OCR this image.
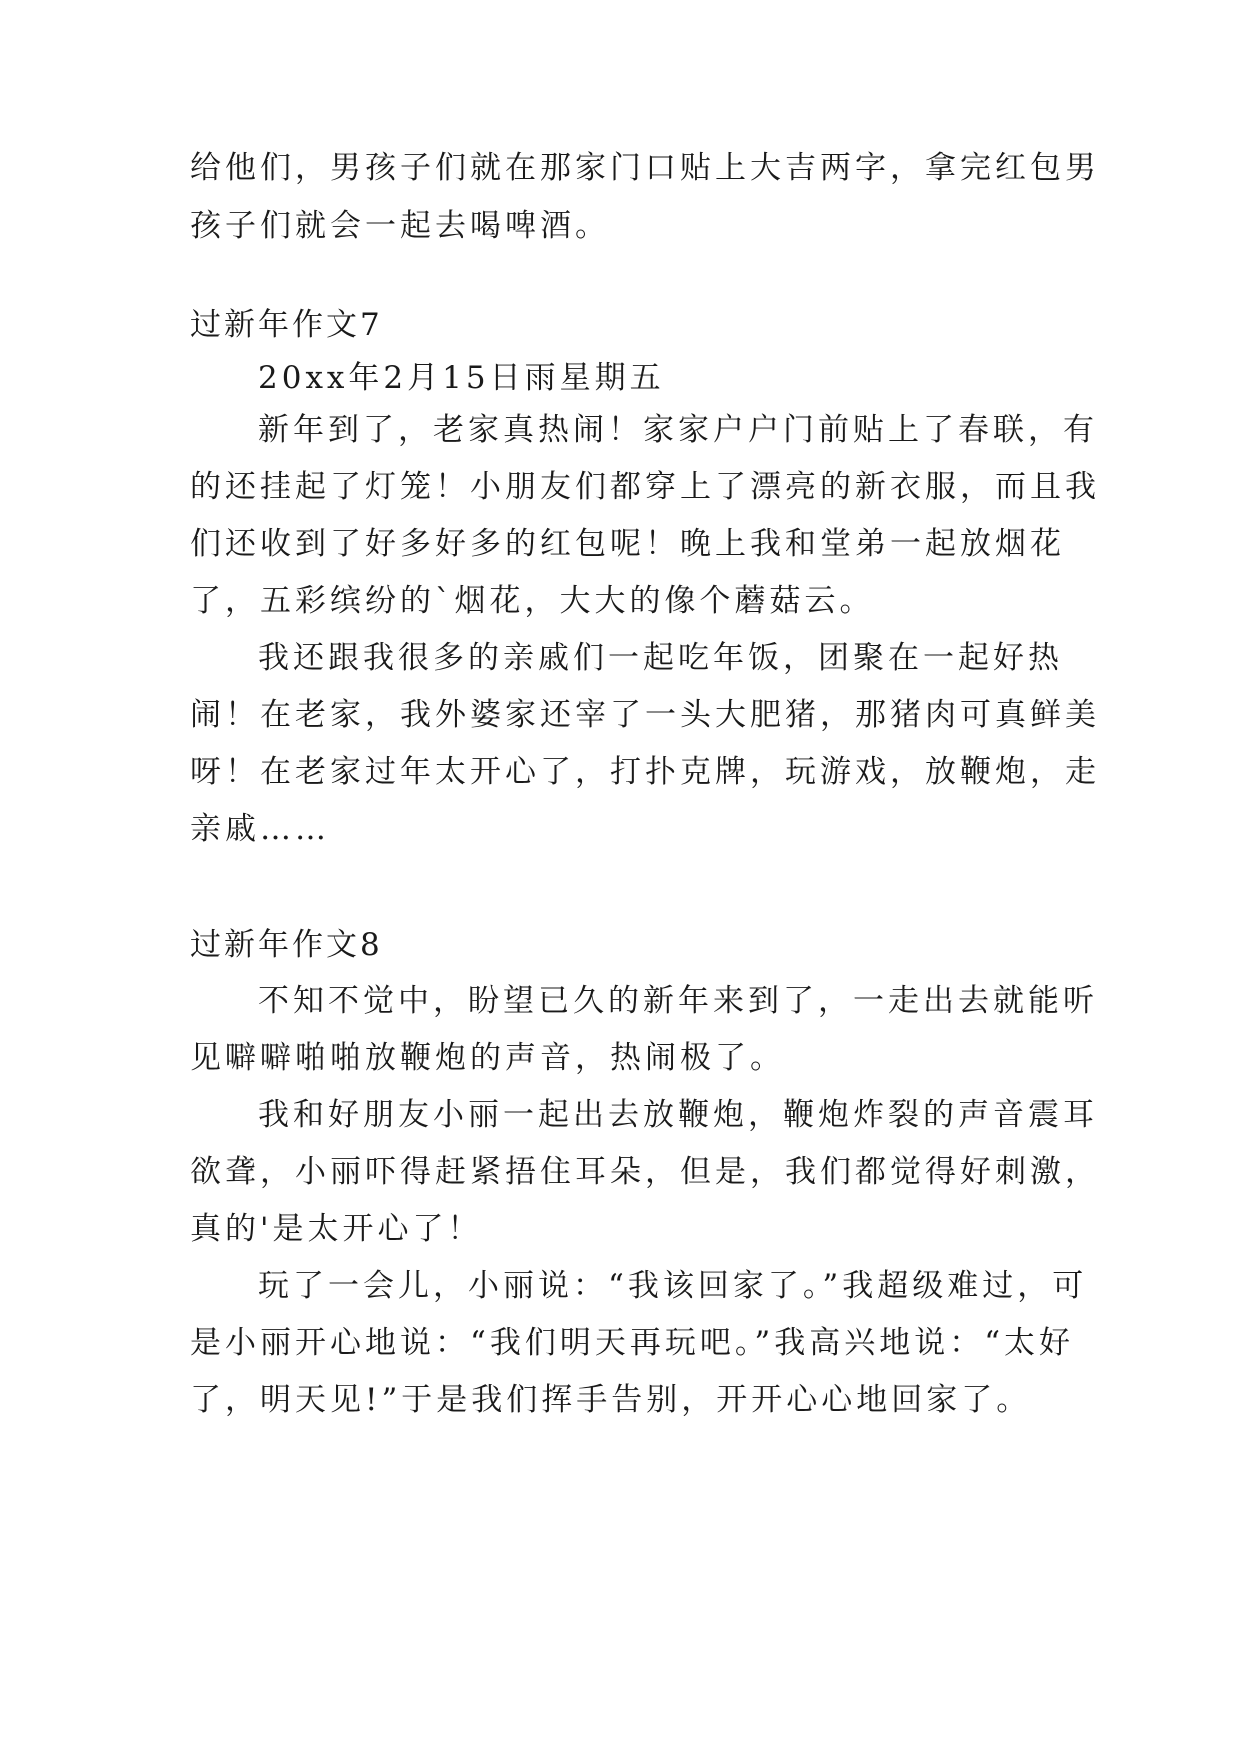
给他们，男孩子们就在那家门口贴上大吉两字，拿完红包男
孩子们就会一起去喝啤酒。
过新年作文7
20xx年2月15日雨星期五
新年到了，老家真热闹！家家户户门前贴上了春联，有
的还挂起了灯笼！小朋友们都穿上了漂亮的新衣服，而且我
们还收到了好多好多的红包呢！晚上我和堂弟一起放烟花
了，五彩缤纷的`烟花，大大的像个蘑菇云。
我还跟我很多的亲戚们一起吃年饭，团聚在一起好热
闹！在老家，我外婆家还宰了一头大肥猪，那猪肉可真鲜美
呀！在老家过年太开心了，打扑克牌，玩游戏，放鞭炮，走
亲戚……
过新年作文8
不知不觉中，盼望已久的新年来到了，一走出去就能听
见噼噼啪啪放鞭炮的声音，热闹极了。
我和好朋友小丽一起出去放鞭炮，鞭炮炸裂的声音震耳
欲聋，小丽吓得赶紧捂住耳朵，但是，我们都觉得好刺激，
真的'是太开心了！
玩了一会儿，小丽说：“我该回家了。”我超级难过，可
是小丽开心地说：“我们明天再玩吧。”我高兴地说：“太好
了，明天见!”于是我们挥手告别，开开心心地回家了。
